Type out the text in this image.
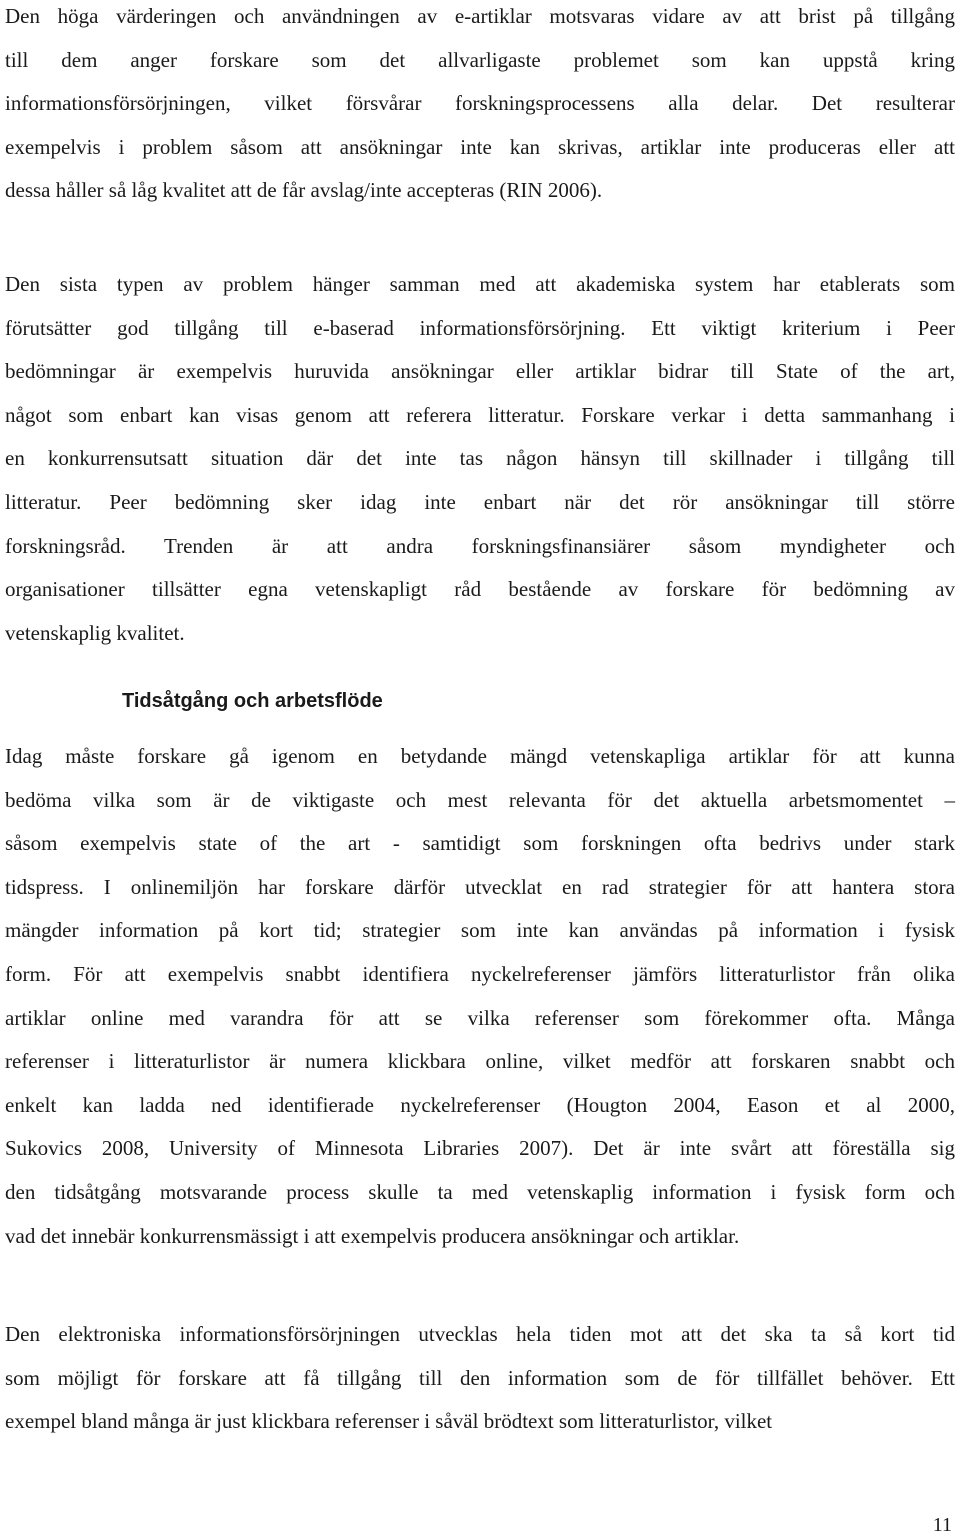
Den höga värderingen och användningen av e-artiklar motsvaras vidare av att brist på tillgång
till dem anger forskare som det allvarligaste problemet som kan uppstå kring
informationsförsörjningen, vilket försvårar forskningsprocessens alla delar. Det resulterar
exempelvis i problem såsom att ansökningar inte kan skrivas, artiklar inte produceras eller att
dessa håller så låg kvalitet att de får avslag/inte accepteras (RIN 2006).
Den sista typen av problem hänger samman med att akademiska system har etablerats som
förutsätter god tillgång till e-baserad informationsförsörjning. Ett viktigt kriterium i Peer
bedömningar är exempelvis huruvida ansökningar eller artiklar bidrar till State of the art,
något som enbart kan visas genom att referera litteratur. Forskare verkar i detta sammanhang i
en konkurrensutsatt situation där det inte tas någon hänsyn till skillnader i tillgång till
litteratur. Peer bedömning sker idag inte enbart när det rör ansökningar till större
forskningsråd. Trenden är att andra forskningsfinansiärer såsom myndigheter och
organisationer tillsätter egna vetenskapligt råd bestående av forskare för bedömning av
vetenskaplig kvalitet.
Tidsåtgång och arbetsflöde
Idag måste forskare gå igenom en betydande mängd vetenskapliga artiklar för att kunna
bedöma vilka som är de viktigaste och mest relevanta för det aktuella arbetsmomentet –
såsom exempelvis state of the art - samtidigt som forskningen ofta bedrivs under stark
tidspress. I onlinemiljön har forskare därför utvecklat en rad strategier för att hantera stora
mängder information på kort tid; strategier som inte kan användas på information i fysisk
form. För att exempelvis snabbt identifiera nyckelreferenser jämförs litteraturlistor från olika
artiklar online med varandra för att se vilka referenser som förekommer ofta. Många
referenser i litteraturlistor är numera klickbara online, vilket medför att forskaren snabbt och
enkelt kan ladda ned identifierade nyckelreferenser (Hougton 2004, Eason et al 2000,
Sukovics 2008, University of Minnesota Libraries 2007). Det är inte svårt att föreställa sig
den tidsåtgång motsvarande process skulle ta med vetenskaplig information i fysisk form och
vad det innebär konkurrensmässigt i att exempelvis producera ansökningar och artiklar.
Den elektroniska informationsförsörjningen utvecklas hela tiden mot att det ska ta så kort tid
som möjligt för forskare att få tillgång till den information som de för tillfället behöver. Ett
exempel bland många är just klickbara referenser i såväl brödtext som litteraturlistor, vilket
11
